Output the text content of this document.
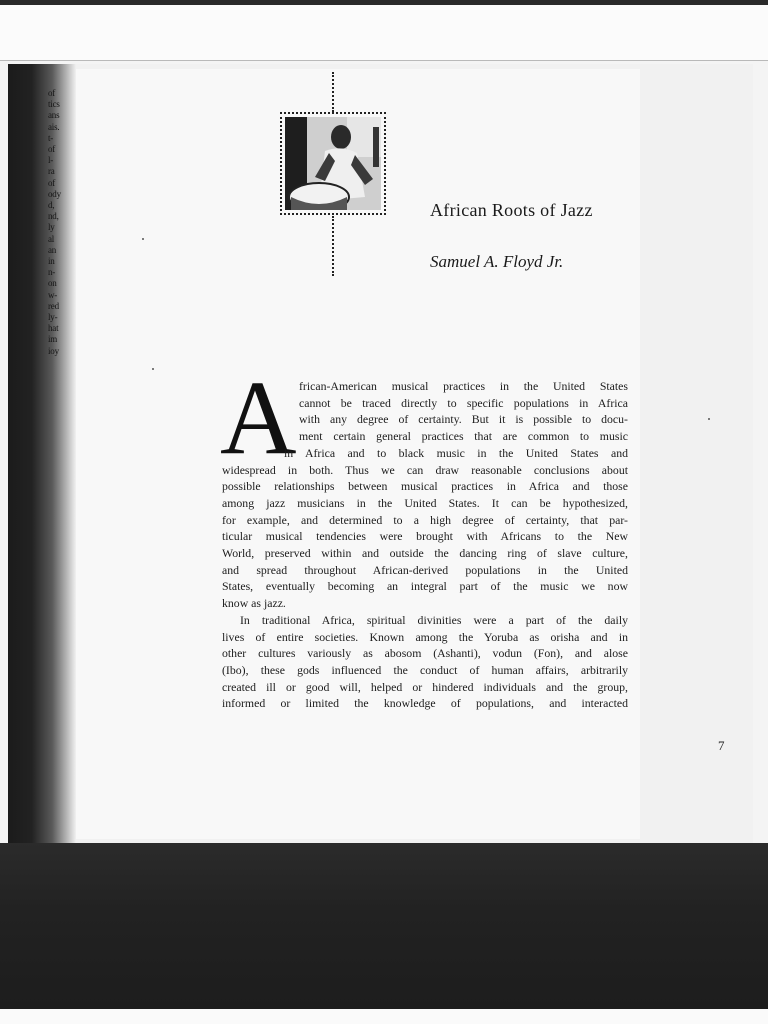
of
tics
ans
ais.
t-
of
l-
ra
of
ody
d,
nd,
ly
al
an
in
n-
on
w-
red
ly-
hat
im
ioy
African Roots of Jazz
Samuel A. Floyd Jr.
A frican-American musical practices in the United States
cannot be traced directly to specific populations in Africa
with any degree of certainty. But it is possible to docu-
ment certain general practices that are common to music
in Africa and to black music in the United States and
widespread in both. Thus we can draw reasonable conclusions about
possible relationships between musical practices in Africa and those
among jazz musicians in the United States. It can be hypothesized,
for example, and determined to a high degree of certainty, that par-
ticular musical tendencies were brought with Africans to the New
World, preserved within and outside the dancing ring of slave culture,
and spread throughout African-derived populations in the United
States, eventually becoming an integral part of the music we now
know as jazz.
In traditional Africa, spiritual divinities were a part of the daily
lives of entire societies. Known among the Yoruba as orisha and in
other cultures variously as abosom (Ashanti), vodun (Fon), and alose
(Ibo), these gods influenced the conduct of human affairs, arbitrarily
created ill or good will, helped or hindered individuals and the group,
informed or limited the knowledge of populations, and interacted
7
